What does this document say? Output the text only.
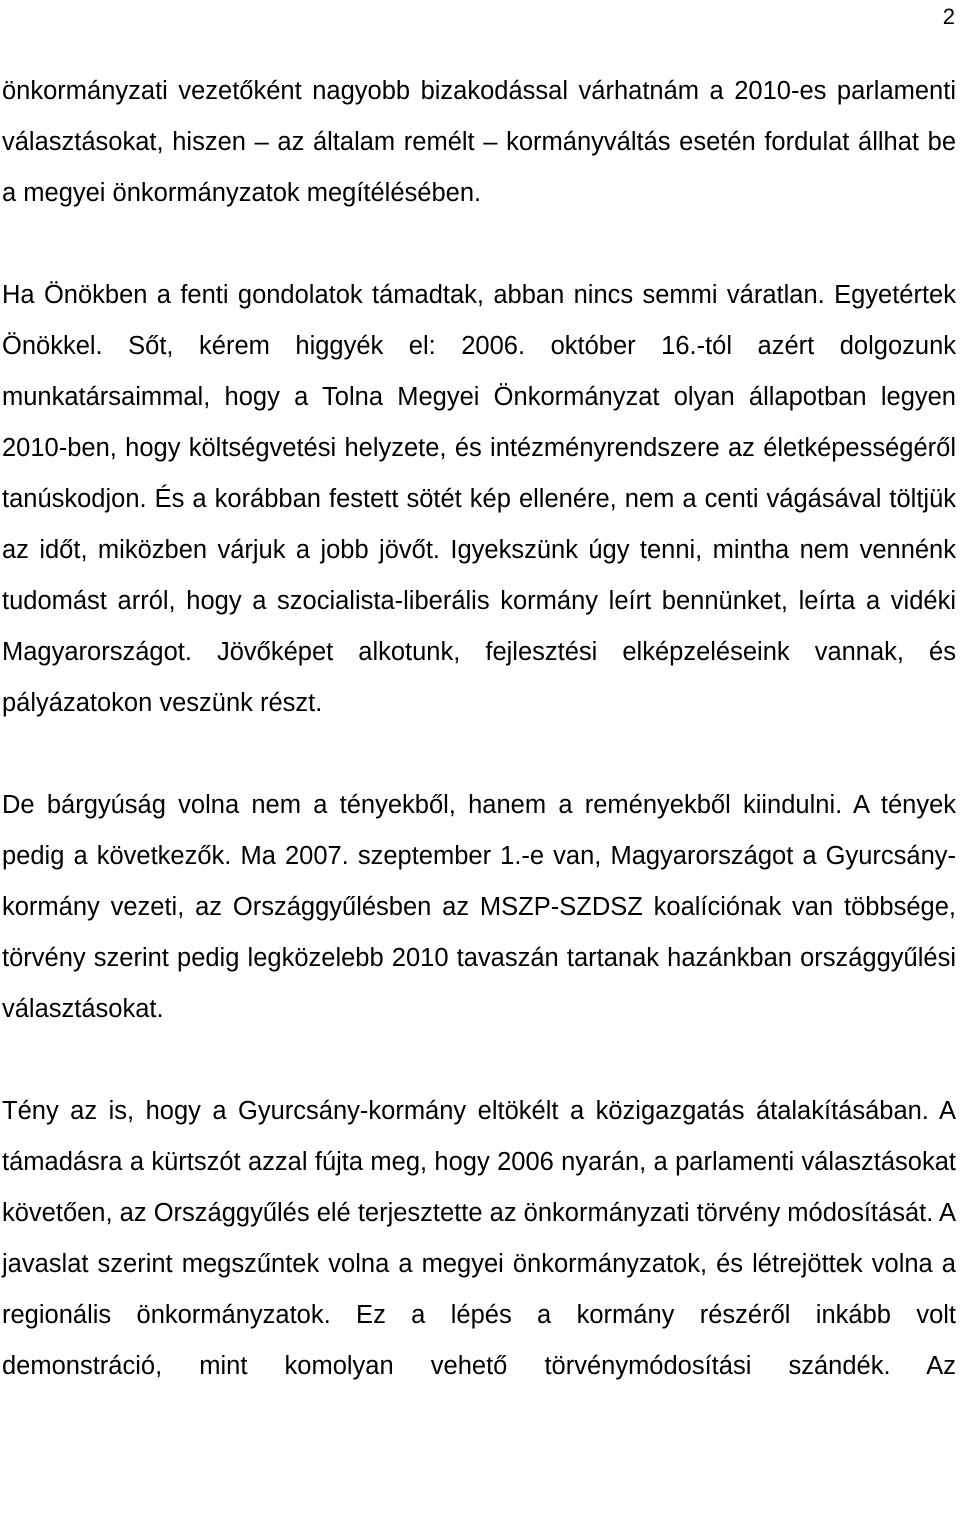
2

önkormányzati vezetőként nagyobb bizakodással várhatnám a 2010-es parlamenti választásokat, hiszen – az általam remélt – kormányváltás esetén fordulat állhat be a megyei önkormányzatok megítélésében.

Ha Önökben a fenti gondolatok támadtak, abban nincs semmi váratlan. Egyetértek Önökkel. Sőt, kérem higgyék el: 2006. október 16.-tól azért dolgozunk munkatársaimmal, hogy a Tolna Megyei Önkormányzat olyan állapotban legyen 2010-ben, hogy költségvetési helyzete, és intézményrendszere az életképességéről tanúskodjon. És a korábban festett sötét kép ellenére, nem a centi vágásával töltjük az időt, miközben várjuk a jobb jövőt. Igyekszünk úgy tenni, mintha nem vennénk tudomást arról, hogy a szocialista-liberális kormány leírt bennünket, leírta a vidéki Magyarországot. Jövőképet alkotunk, fejlesztési elképzeléseink vannak, és pályázatokon veszünk részt.

De bárgyúság volna nem a tényekből, hanem a reményekből kiindulni. A tények pedig a következők. Ma 2007. szeptember 1.-e van, Magyarországot a Gyurcsány-kormány vezeti, az Országgyűlésben az MSZP-SZDSZ koalíciónak van többsége, törvény szerint pedig legközelebb 2010 tavaszán tartanak hazánkban országgyűlési választásokat.

Tény az is, hogy a Gyurcsány-kormány eltökélt a közigazgatás átalakításában. A támadásra a kürtszót azzal fújta meg, hogy 2006 nyarán, a parlamenti választásokat követően, az Országgyűlés elé terjesztette az önkormányzati törvény módosítását. A javaslat szerint megszűntek volna a megyei önkormányzatok, és létrejöttek volna a regionális önkormányzatok. Ez a lépés a kormány részéről inkább volt demonstráció, mint komolyan vehető törvénymódosítási szándék. Az
